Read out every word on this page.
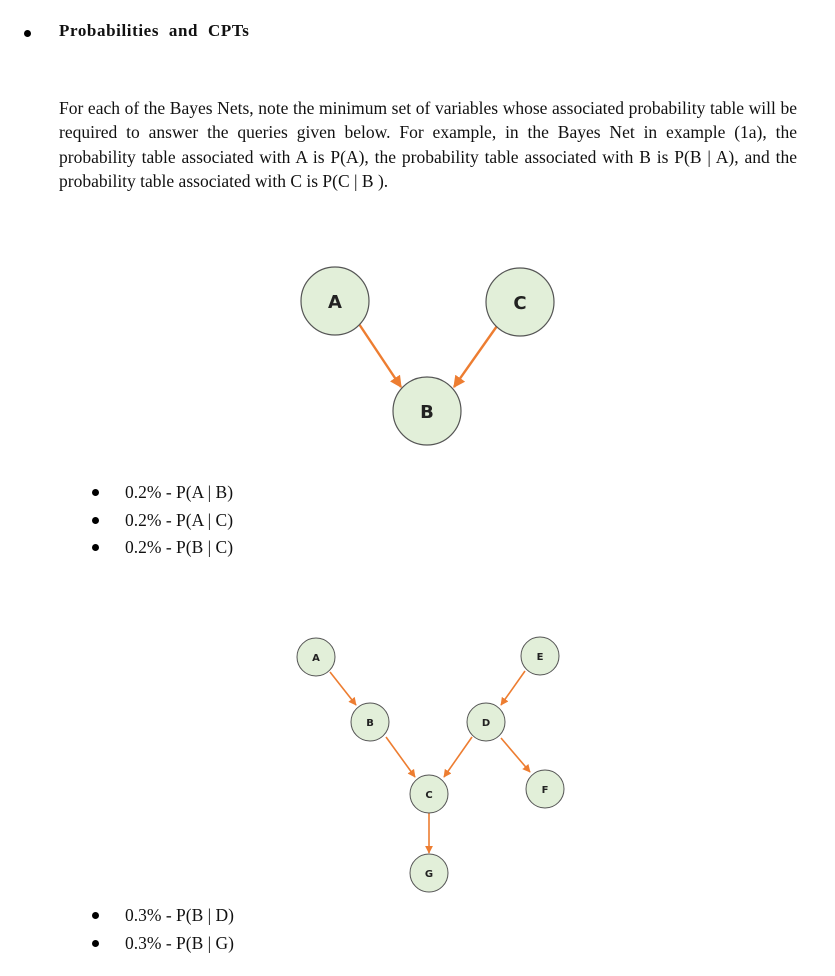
Probabilities and CPTs

For each of the Bayes Nets, note the minimum set of variables whose associated probability table will be required to answer the queries given below. For example, in the Bayes Net in example (1a), the probability table associated with A is P(A), the probability table associated with B is P(B | A), and the probability table associated with C is P(C | B ).

A	C
B
0.2% - P(A | B)
0.2% - P(A | C)
0.2% - P(B | C)
A	E
B	D
C	F
G
0.3% - P(B | D)
0.3% - P(B | G)
